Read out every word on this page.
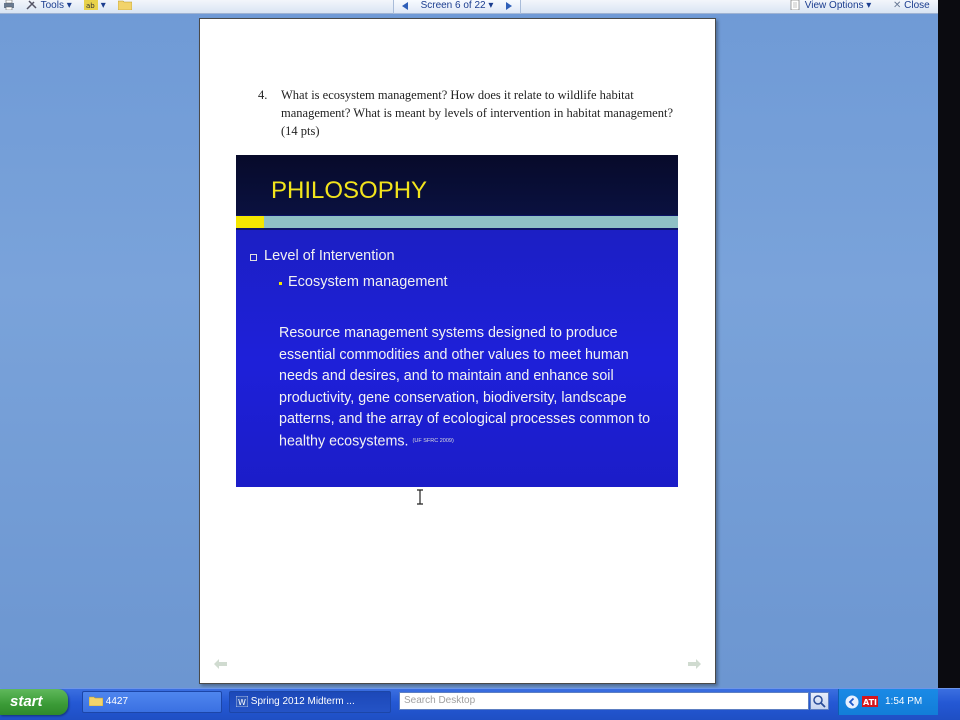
Tools ▾ ab ▾	Screen 6 of 22 ▾	View Options ▾ ✕ Close
4. What is ecosystem management? How does it relate to wildlife habitat management? What is meant by levels of intervention in habitat management? (14 pts)
PHILOSOPHY
Level of Intervention
Ecosystem management
Resource management systems designed to produce essential commodities and other values to meet human needs and desires, and to maintain and enhance soil productivity, gene conservation, biodiversity, landscape patterns, and the array of ecological processes common to healthy ecosystems. (UF SFRC 2009)
start	4427	W Spring 2012 Midterm ...	Search Desktop	ATI 1:54 PM
